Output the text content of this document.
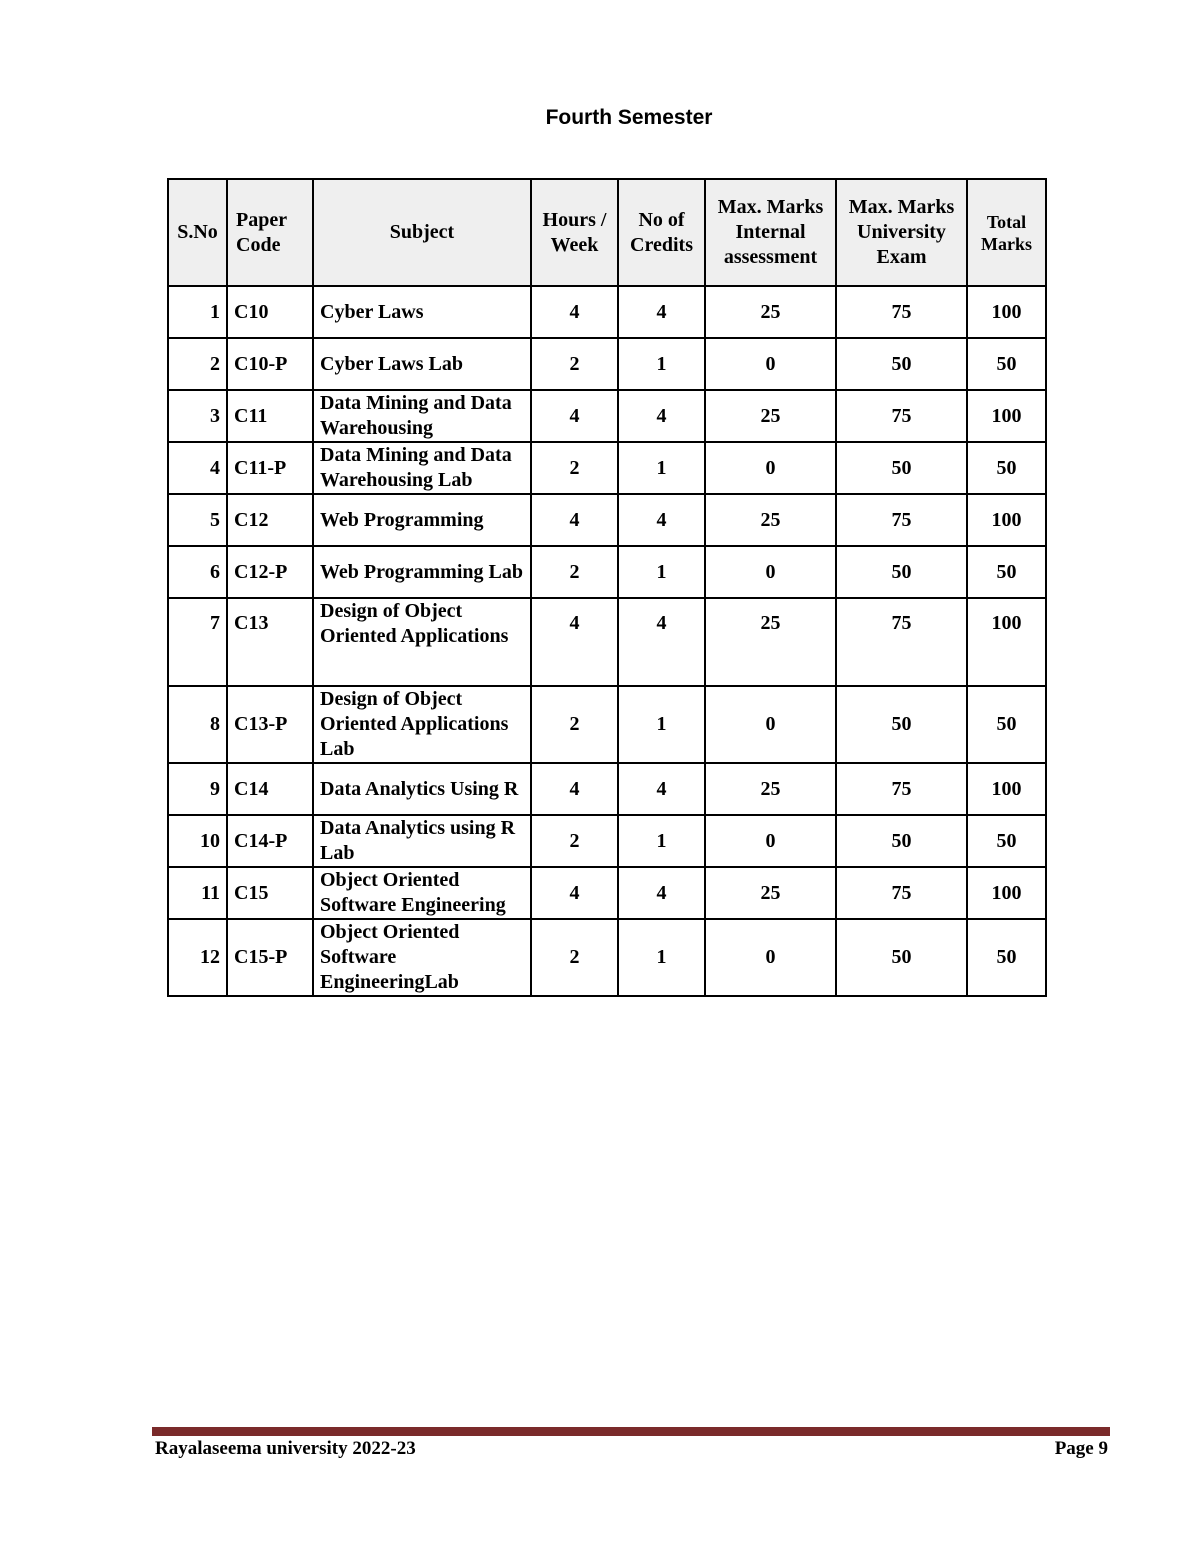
Fourth Semester
S.No	Paper Code	Subject	Hours / Week	No of Credits	Max. Marks Internal assessment	Max. Marks University Exam	Total Marks
1	C10	Cyber Laws	4	4	25	75	100
2	C10-P	Cyber Laws Lab	2	1	0	50	50
3	C11	Data Mining and Data Warehousing	4	4	25	75	100
4	C11-P	Data Mining and Data Warehousing Lab	2	1	0	50	50
5	C12	Web Programming	4	4	25	75	100
6	C12-P	Web Programming Lab	2	1	0	50	50
7	C13	Design of Object Oriented Applications	4	4	25	75	100
8	C13-P	Design of Object Oriented Applications Lab	2	1	0	50	50
9	C14	Data Analytics Using R	4	4	25	75	100
10	C14-P	Data Analytics using R Lab	2	1	0	50	50
11	C15	Object Oriented Software Engineering	4	4	25	75	100
12	C15-P	Object Oriented Software EngineeringLab	2	1	0	50	50
Rayalaseema university 2022-23	Page 9
